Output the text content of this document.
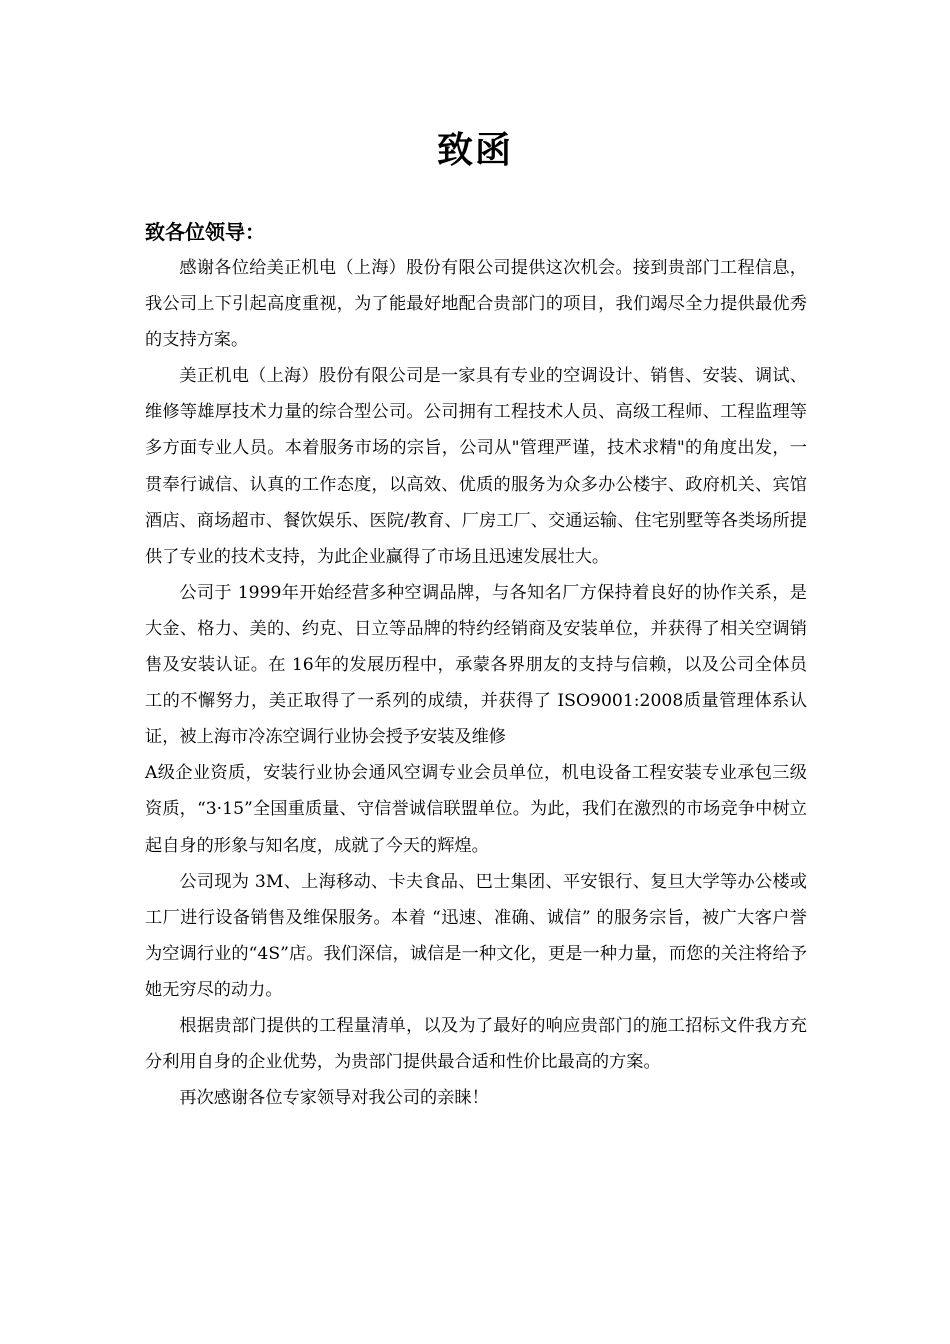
致函
致各位领导：

感谢各位给美正机电（上海）股份有限公司提供这次机会。接到贵部门工程信息，我公司上下引起高度重视，为了能最好地配合贵部门的项目，我们竭尽全力提供最优秀的支持方案。

美正机电（上海）股份有限公司是一家具有专业的空调设计、销售、安装、调试、维修等雄厚技术力量的综合型公司。公司拥有工程技术人员、高级工程师、工程监理等多方面专业人员。本着服务市场的宗旨，公司从"管理严谨，技术求精"的角度出发，一贯奉行诚信、认真的工作态度，以高效、优质的服务为众多办公楼宇、政府机关、宾馆酒店、商场超市、餐饮娱乐、医院/教育、厂房工厂、交通运输、住宅别墅等各类场所提供了专业的技术支持，为此企业赢得了市场且迅速发展壮大。

公司于 1999年开始经营多种空调品牌，与各知名厂方保持着良好的协作关系，是大金、格力、美的、约克、日立等品牌的特约经销商及安装单位，并获得了相关空调销售及安装认证。在 16年的发展历程中，承蒙各界朋友的支持与信赖，以及公司全体员工的不懈努力，美正取得了一系列的成绩，并获得了 ISO9001:2008质量管理体系认证，被上海市冷冻空调行业协会授予安装及维修

A级企业资质，安装行业协会通风空调专业会员单位，机电设备工程安装专业承包三级资质，“3·15”全国重质量、守信誉诚信联盟单位。为此，我们在激烈的市场竞争中树立起自身的形象与知名度，成就了今天的辉煌。

公司现为 3M、上海移动、卡夫食品、巴士集团、平安银行、复旦大学等办公楼或工厂进行设备销售及维保服务。本着 “迅速、准确、诚信” 的服务宗旨，被广大客户誉为空调行业的“4S”店。我们深信，诚信是一种文化，更是一种力量，而您的关注将给予她无穷尽的动力。

根据贵部门提供的工程量清单，以及为了最好的响应贵部门的施工招标文件我方充分利用自身的企业优势，为贵部门提供最合适和性价比最高的方案。

再次感谢各位专家领导对我公司的亲睐！
